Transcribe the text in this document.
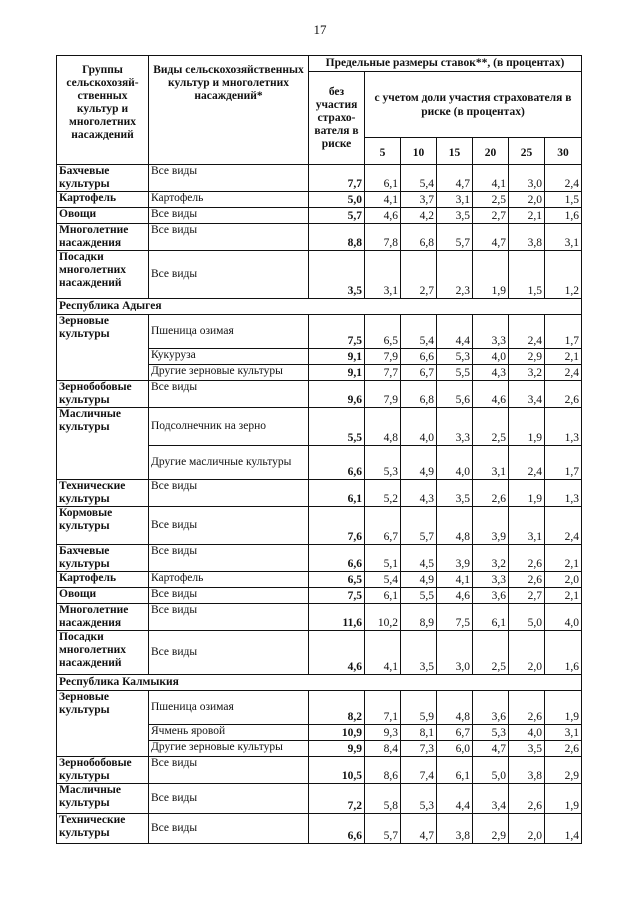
17
Группы сельскохозяй-ственных культур и многолетних насаждений	Виды сельскохозяйственных культур и многолетних насаждений*	Предельные размеры ставок**, (в процентах)						
		без участия страхо-вателя в риске	с учетом доли участия страхователя в риске (в процентах)					
			5	10	15	20	25	30
Бахчевые культуры	Все виды	7,7	6,1	5,4	4,7	4,1	3,0	2,4
Картофель	Картофель	5,0	4,1	3,7	3,1	2,5	2,0	1,5
Овощи	Все виды	5,7	4,6	4,2	3,5	2,7	2,1	1,6
Многолетние насаждения	Все виды	8,8	7,8	6,8	5,7	4,7	3,8	3,1
Посадки многолетних насаждений	Все виды	3,5	3,1	2,7	2,3	1,9	1,5	1,2
Республика Адыгея								
Зерновые культуры	Пшеница озимая	7,5	6,5	5,4	4,4	3,3	2,4	1,7
	Кукуруза	9,1	7,9	6,6	5,3	4,0	2,9	2,1
	Другие зерновые культуры	9,1	7,7	6,7	5,5	4,3	3,2	2,4
Зернобобовые культуры	Все виды	9,6	7,9	6,8	5,6	4,6	3,4	2,6
Масличные культуры	Подсолнечник на зерно	5,5	4,8	4,0	3,3	2,5	1,9	1,3
	Другие масличные культуры	6,6	5,3	4,9	4,0	3,1	2,4	1,7
Технические культуры	Все виды	6,1	5,2	4,3	3,5	2,6	1,9	1,3
Кормовые культуры	Все виды	7,6	6,7	5,7	4,8	3,9	3,1	2,4
Бахчевые культуры	Все виды	6,6	5,1	4,5	3,9	3,2	2,6	2,1
Картофель	Картофель	6,5	5,4	4,9	4,1	3,3	2,6	2,0
Овощи	Все виды	7,5	6,1	5,5	4,6	3,6	2,7	2,1
Многолетние насаждения	Все виды	11,6	10,2	8,9	7,5	6,1	5,0	4,0
Посадки многолетних насаждений	Все виды	4,6	4,1	3,5	3,0	2,5	2,0	1,6
Республика Калмыкия								
Зерновые культуры	Пшеница озимая	8,2	7,1	5,9	4,8	3,6	2,6	1,9
	Ячмень яровой	10,9	9,3	8,1	6,7	5,3	4,0	3,1
	Другие зерновые культуры	9,9	8,4	7,3	6,0	4,7	3,5	2,6
Зернобобовые культуры	Все виды	10,5	8,6	7,4	6,1	5,0	3,8	2,9
Масличные культуры	Все виды	7,2	5,8	5,3	4,4	3,4	2,6	1,9
Технические культуры	Все виды	6,6	5,7	4,7	3,8	2,9	2,0	1,4
